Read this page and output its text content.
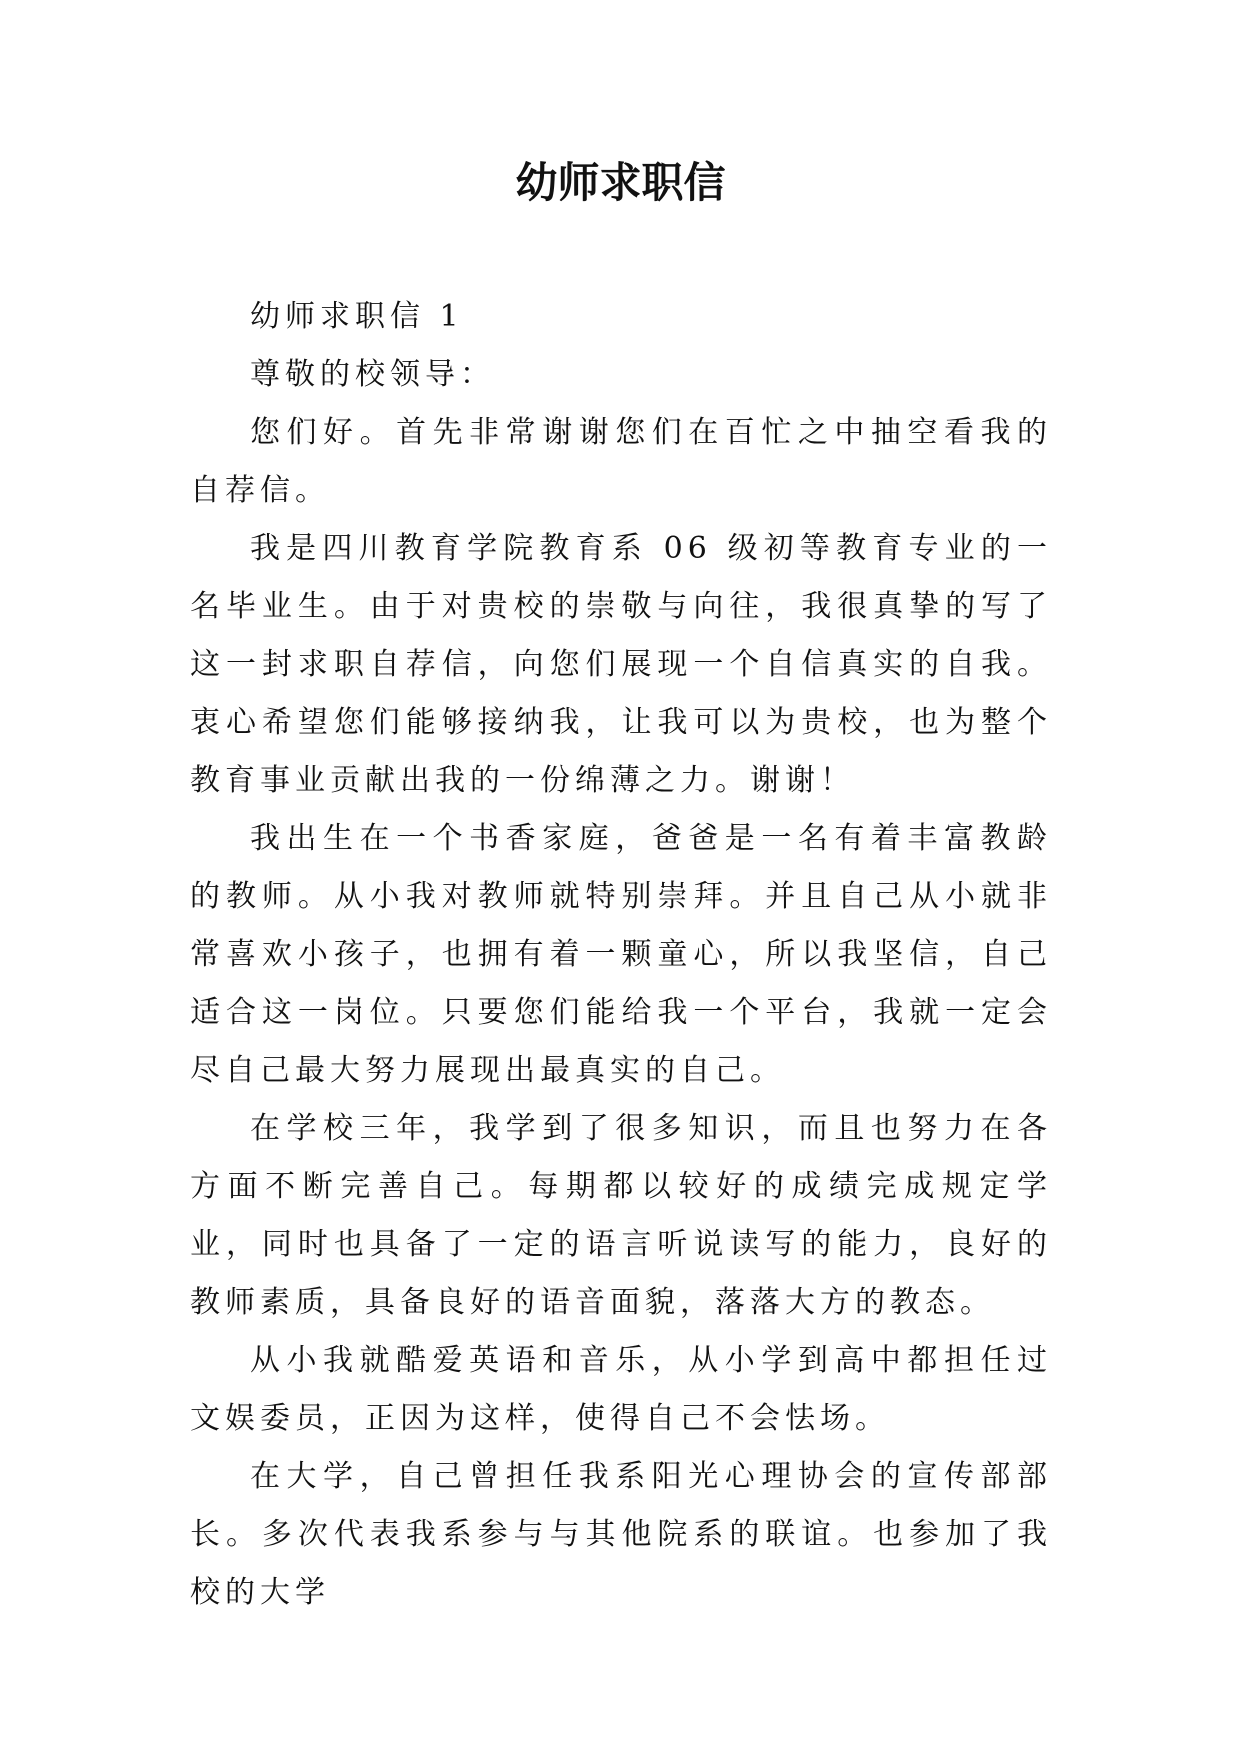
幼师求职信

幼师求职信 1

尊敬的校领导：

您们好。首先非常谢谢您们在百忙之中抽空看我的自荐信。

我是四川教育学院教育系 06 级初等教育专业的一名毕业生。由于对贵校的崇敬与向往，我很真挚的写了这一封求职自荐信，向您们展现一个自信真实的自我。衷心希望您们能够接纳我，让我可以为贵校，也为整个教育事业贡献出我的一份绵薄之力。谢谢！

我出生在一个书香家庭，爸爸是一名有着丰富教龄的教师。从小我对教师就特别崇拜。并且自己从小就非常喜欢小孩子，也拥有着一颗童心，所以我坚信，自己适合这一岗位。只要您们能给我一个平台，我就一定会尽自己最大努力展现出最真实的自己。

在学校三年，我学到了很多知识，而且也努力在各方面不断完善自己。每期都以较好的成绩完成规定学业，同时也具备了一定的语言听说读写的能力，良好的教师素质，具备良好的语音面貌，落落大方的教态。

从小我就酷爱英语和音乐，从小学到高中都担任过文娱委员，正因为这样，使得自己不会怯场。

在大学，自己曾担任我系阳光心理协会的宣传部部长。多次代表我系参与与其他院系的联谊。也参加了我校的大学
